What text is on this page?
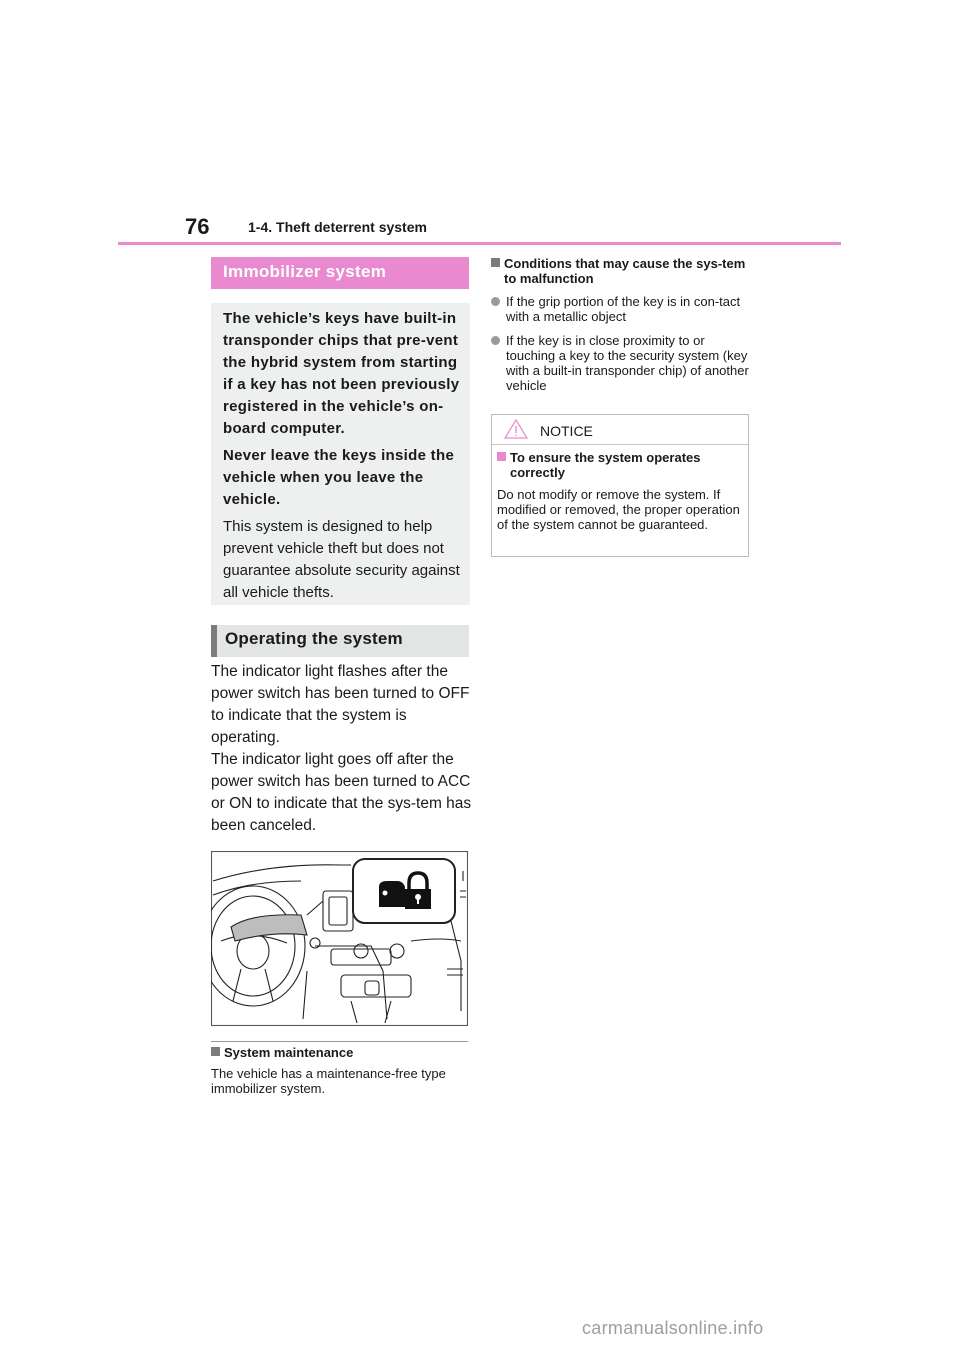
76	1-4. Theft deterrent system
Immobilizer system

The vehicle’s keys have built-in transponder chips that pre-vent the hybrid system from starting if a key has not been previously registered in the vehicle’s on-board computer.

Never leave the keys inside the vehicle when you leave the vehicle.

This system is designed to help prevent vehicle theft but does not guarantee absolute security against all vehicle thefts.

Operating the system

The indicator light flashes after the power switch has been turned to OFF to indicate that the system is operating.

The indicator light goes off after the power switch has been turned to ACC or ON to indicate that the sys-tem has been canceled.

System maintenance
The vehicle has a maintenance-free type immobilizer system.
Conditions that may cause the sys-tem to malfunction
If the grip portion of the key is in con-tact with a metallic object
If the key is in close proximity to or touching a key to the security system (key with a built-in transponder chip) of another vehicle
NOTICE
To ensure the system operates correctly
Do not modify or remove the system. If modified or removed, the proper operation of the system cannot be guaranteed.
carmanualsonline.info
